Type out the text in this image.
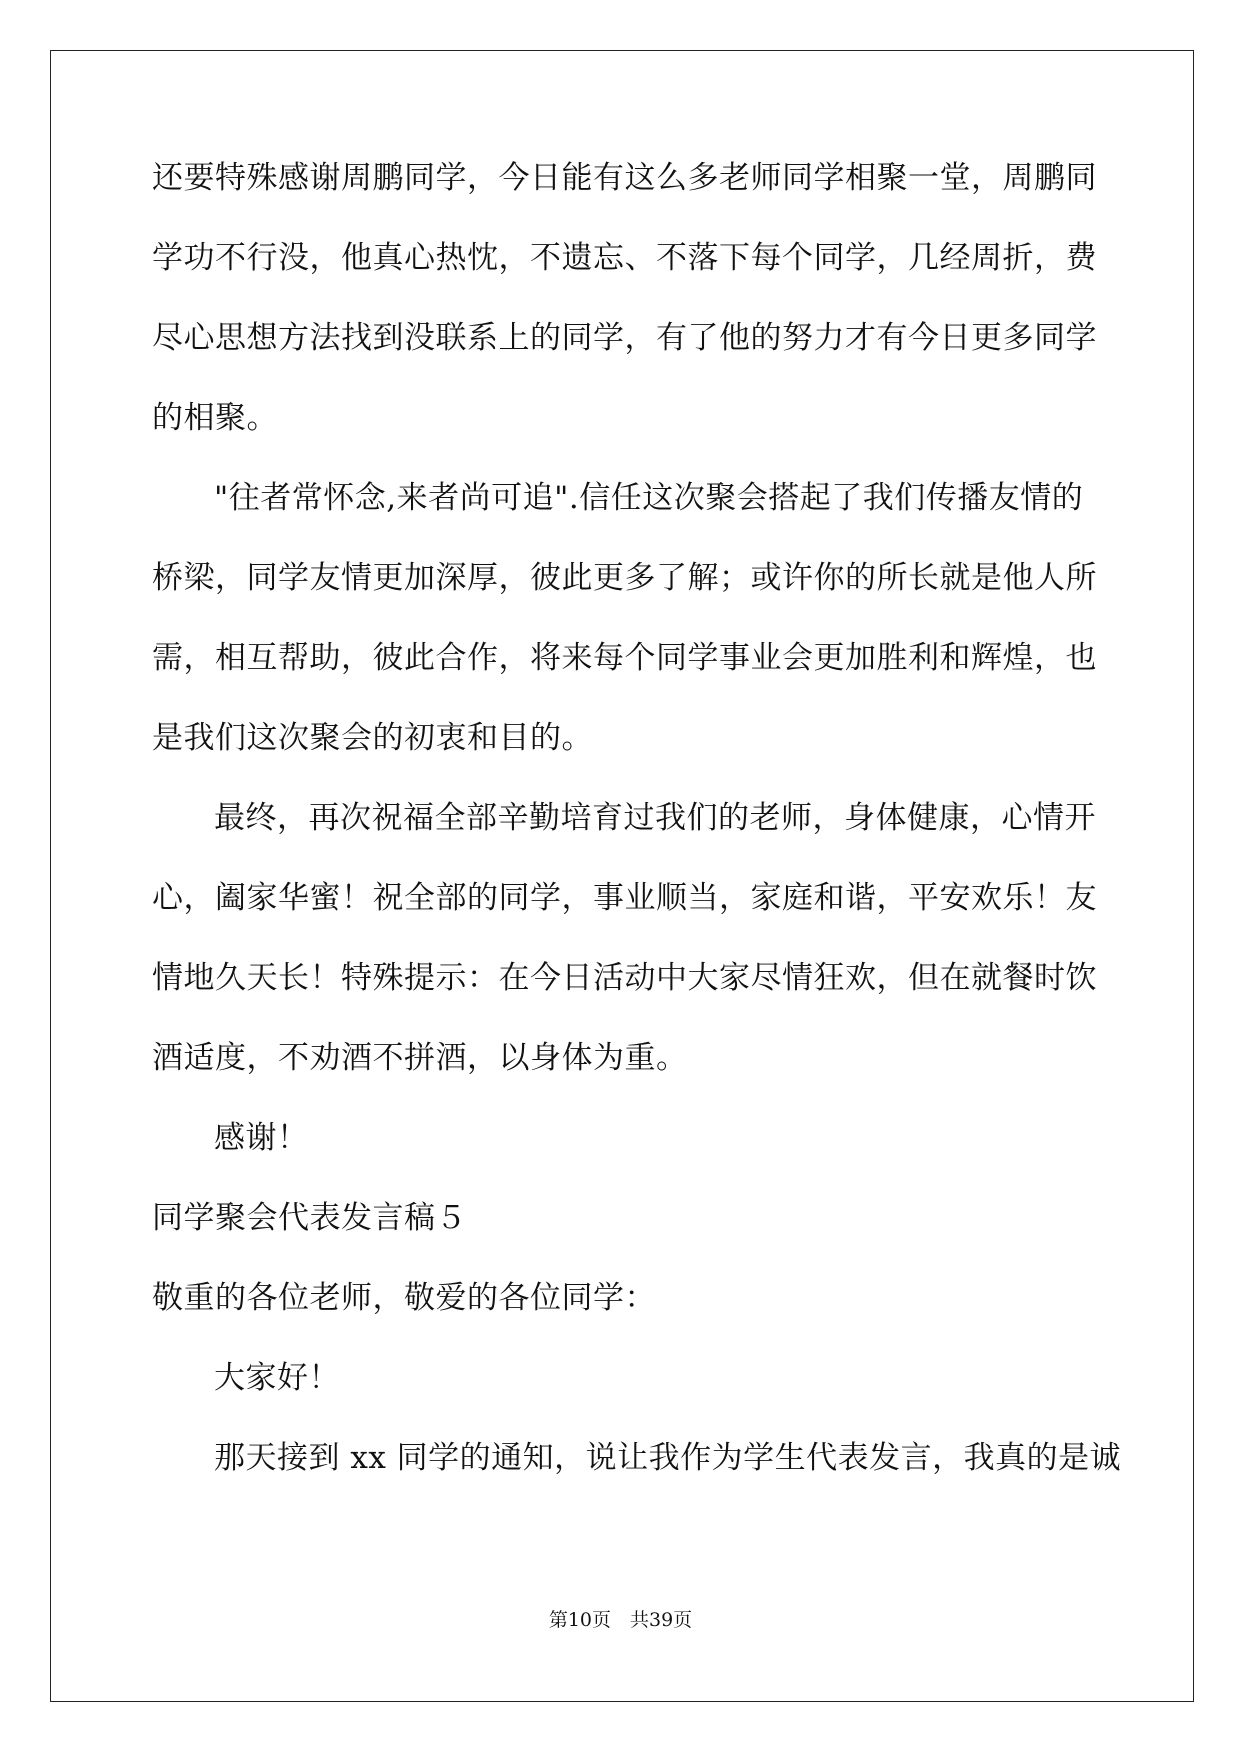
还要特殊感谢周鹏同学，今日能有这么多老师同学相聚一堂，周鹏同
学功不行没，他真心热忱，不遗忘、不落下每个同学，几经周折，费
尽心思想方法找到没联系上的同学，有了他的努力才有今日更多同学
的相聚。
"往者常怀念,来者尚可追".信任这次聚会搭起了我们传播友情的
桥梁，同学友情更加深厚，彼此更多了解；或许你的所长就是他人所
需，相互帮助，彼此合作，将来每个同学事业会更加胜利和辉煌，也
是我们这次聚会的初衷和目的。
最终，再次祝福全部辛勤培育过我们的老师，身体健康，心情开
心，阖家华蜜！祝全部的同学，事业顺当，家庭和谐，平安欢乐！友
情地久天长！特殊提示：在今日活动中大家尽情狂欢，但在就餐时饮
酒适度，不劝酒不拼酒，以身体为重。
感谢！
同学聚会代表发言稿５
敬重的各位老师，敬爱的各位同学：
大家好！
那天接到 xx 同学的通知，说让我作为学生代表发言，我真的是诚
第10页　共39页
